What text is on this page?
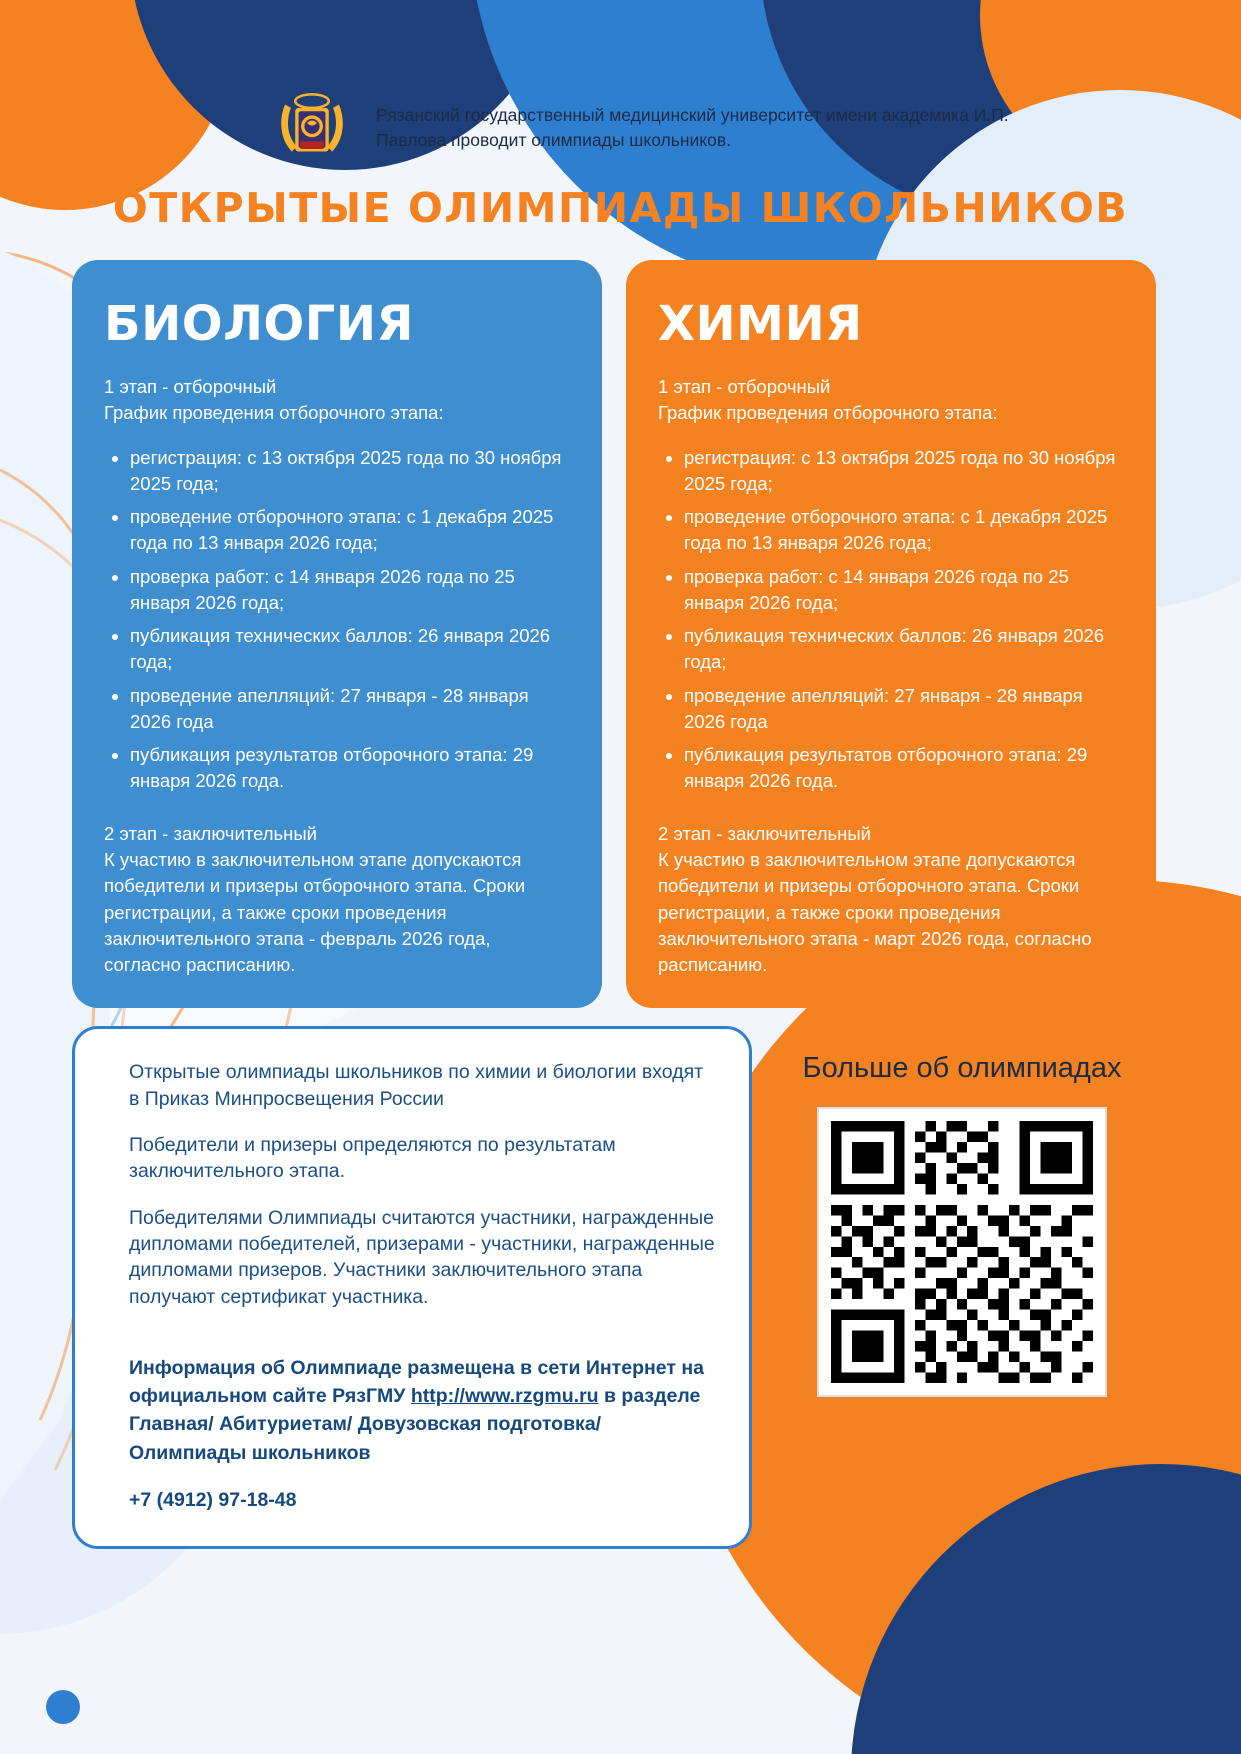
Рязанский государственный медицинский университет имени академика И.П. Павлова проводит олимпиады школьников.
ОТКРЫТЫЕ ОЛИМПИАДЫ ШКОЛЬНИКОВ
БИОЛОГИЯ
1 этап - отборочный
График проведения отборочного этапа:
• регистрация: с 13 октября 2025 года по 30 ноября 2025 года;
• проведение отборочного этапа: с 1 декабря 2025 года по 13 января 2026 года;
• проверка работ: с 14 января 2026 года по 25 января 2026 года;
• публикация технических баллов: 26 января 2026 года;
• проведение апелляций: 27 января - 28 января 2026 года
• публикация результатов отборочного этапа: 29 января 2026 года.
2 этап - заключительный
К участию в заключительном этапе допускаются победители и призеры отборочного этапа. Сроки регистрации, а также сроки проведения заключительного этапа - февраль 2026 года, согласно расписанию.
ХИМИЯ
1 этап - отборочный
График проведения отборочного этапа:
• регистрация: с 13 октября 2025 года по 30 ноября 2025 года;
• проведение отборочного этапа: с 1 декабря 2025 года по 13 января 2026 года;
• проверка работ: с 14 января 2026 года по 25 января 2026 года;
• публикация технических баллов: 26 января 2026 года;
• проведение апелляций: 27 января - 28 января 2026 года
• публикация результатов отборочного этапа: 29 января 2026 года.
2 этап - заключительный
К участию в заключительном этапе допускаются победители и призеры отборочного этапа. Сроки регистрации, а также сроки проведения заключительного этапа - март 2026 года, согласно расписанию.

Открытые олимпиады школьников по химии и биологии входят в Приказ Минпросвещения России

Победители и призеры определяются по результатам заключительного этапа.

Победителями Олимпиады считаются участники, награжденные дипломами победителей, призерами - участники, награжденные дипломами призеров. Участники заключительного этапа получают сертификат участника.

Информация об Олимпиаде размещена в сети Интернет на официальном сайте РязГМУ http://www.rzgmu.ru в разделе Главная/ Абитуриетам/ Довузовская подготовка/ Олимпиады школьников

+7 (4912) 97-18-48
Больше об олимпиадах
